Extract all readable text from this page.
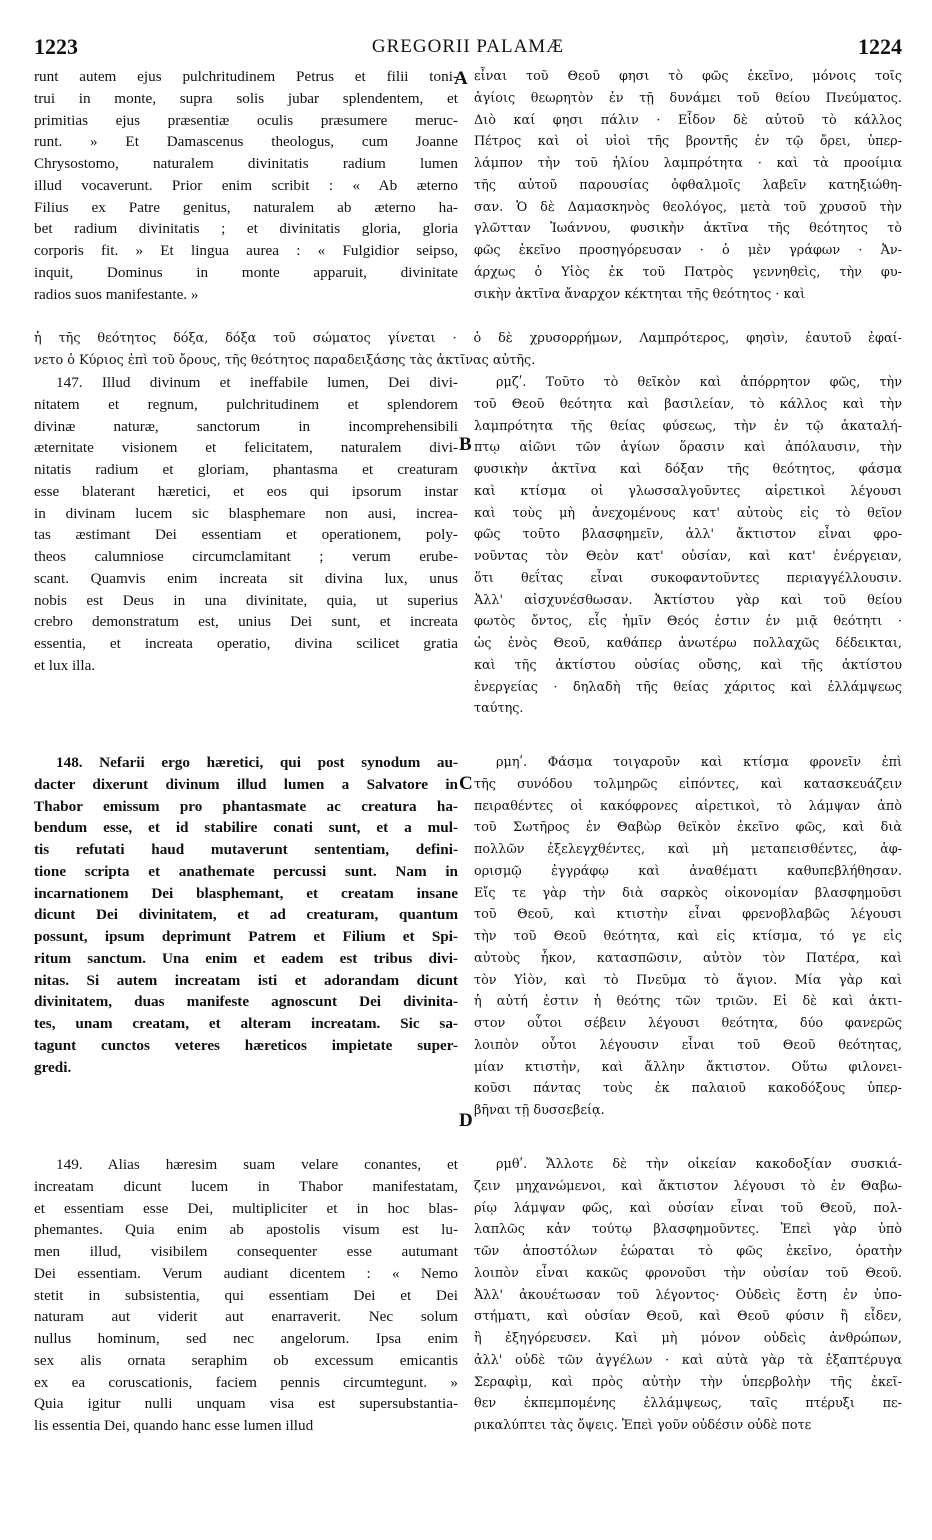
1223	GREGORII PALAMÆ	1224
A
B
C
D
runt autem ejus pulchritudinem Petrus et filii toni-
trui in monte, supra solis jubar splendentem, et
primitias ejus præsentiæ oculis præsumere meruc-
runt. » Et Damascenus theologus, cum Joanne
Chrysostomo, naturalem divinitatis radium lumen
illud vocaverunt. Prior enim scribit : « Ab æterno
Filius ex Patre genitus, naturalem ab æterno ha-
bet radium divinitatis ; et divinitatis gloria, gloria
corporis fit. » Et lingua aurea : « Fulgidior seipso,
inquit, Dominus in monte apparuit, divinitate
radios suos manifestante. »
εἶναι τοῦ Θεοῦ φησι τὸ φῶς ἐκεῖνο, μόνοις τοῖς
ἁγίοις θεωρητὸν ἐν τῇ δυνάμει τοῦ θείου Πνεύματος.
Διὸ καί φησι πάλιν · Εἶδον δὲ αὐτοῦ τὸ κάλλος
Πέτρος καὶ οἱ υἱοὶ τῆς βροντῆς ἐν τῷ ὄρει, ὑπερ-
λάμπον τὴν τοῦ ἡλίου λαμπρότητα · καὶ τὰ προοίμια
τῆς αὐτοῦ παρουσίας ὀφθαλμοῖς λαβεῖν κατηξιώθη-
σαν. Ὁ δὲ Δαμασκηνὸς θεολόγος, μετὰ τοῦ χρυσοῦ τὴν
γλῶτταν Ἰωάννου, φυσικὴν ἀκτῖνα τῆς θεότητος τὸ
φῶς ἐκεῖνο προσηγόρευσαν · ὁ μὲν γράφων · Ἀν-
άρχως ὁ Υἱὸς ἐκ τοῦ Πατρὸς γεννηθεὶς, τὴν φυ-
σικὴν ἀκτῖνα ἄναρχον κέκτηται τῆς θεότητος · καὶ
ἡ τῆς θεότητος δόξα, δόξα τοῦ σώματος γίνεται · ὁ δὲ χρυσορρήμων, Λαμπρότερος, φησὶν, ἑαυτοῦ ἐφαί-
νετο ὁ Κύριος ἐπὶ τοῦ ὄρους, τῆς θεότητος παραδειξάσης τὰς ἀκτῖνας αὐτῆς.
147. Illud divinum et ineffabile lumen, Dei divi-
nitatem et regnum, pulchritudinem et splendorem
divinæ naturæ, sanctorum in incomprehensibili
æternitate visionem et felicitatem, naturalem divi-
nitatis radium et gloriam, phantasma et creaturam
esse blaterant hæretici, et eos qui ipsorum instar
in divinam lucem sic blasphemare non ausi, increa-
tas æstimant Dei essentiam et operationem, poly-
theos calumniose circumclamitant ; verum erube-
scant. Quamvis enim increata sit divina lux, unus
nobis est Deus in una divinitate, quia, ut superius
crebro demonstratum est, unius Dei sunt, et increata
essentia, et increata operatio, divina scilicet gratia
et lux illa.
ρμζʹ. Τοῦτο τὸ θεῖκὸν καὶ ἀπόρρητον φῶς, τὴν
τοῦ Θεοῦ θεότητα καὶ βασιλείαν, τὸ κάλλος καὶ τὴν
λαμπρότητα τῆς θείας φύσεως, τὴν ἐν τῷ ἀκαταλή-
πτῳ αἰῶνι τῶν ἁγίων ὅρασιν καὶ ἀπόλαυσιν, τὴν
φυσικὴν ἀκτῖνα καὶ δόξαν τῆς θεότητος, φάσμα
καὶ κτίσμα οἱ γλωσσαλγοῦντες αἱρετικοὶ λέγουσι
καὶ τοὺς μὴ ἀνεχομένους κατ' αὐτοὺς εἰς τὸ θεῖον
φῶς τοῦτο βλασφημεῖν, ἀλλ' ἄκτιστον εἶναι φρο-
νοῦντας τὸν Θεὸν κατ' οὐσίαν, καὶ κατ' ἐνέργειαν,
ὅτι θεΐτας εἶναι συκοφαντοῦντες περιαγγέλλουσιν.
Ἀλλ' αἰσχυνέσθωσαν. Ἀκτίστου γὰρ καὶ τοῦ θείου
φωτὸς ὄντος, εἷς ἡμῖν Θεός ἐστιν ἐν μιᾷ θεότητι ·
ὡς ἑνὸς Θεοῦ, καθάπερ ἀνωτέρω πολλαχῶς δέδεικται,
καὶ τῆς ἀκτίστου οὐσίας οὔσης, καὶ τῆς ἀκτίστου
ἐνεργείας · δηλαδὴ τῆς θείας χάριτος καὶ ἐλλάμψεως
ταύτης.
148. Nefarii ergo hæretici, qui post synodum au-
dacter dixerunt divinum illud lumen a Salvatore in
Thabor emissum pro phantasmate ac creatura ha-
bendum esse, et id stabilire conati sunt, et a mul-
tis refutati haud mutaverunt sententiam, defini-
tione scripta et anathemate percussi sunt. Nam in
incarnationem Dei blasphemant, et creatam insane
dicunt Dei divinitatem, et ad creaturam, quantum
possunt, ipsum deprimunt Patrem et Filium et Spi-
ritum sanctum. Una enim et eadem est tribus divi-
nitas. Si autem increatam isti et adorandam dicunt
divinitatem, duas manifeste agnoscunt Dei divinita-
tes, unam creatam, et alteram increatam. Sic sa-
tagunt cunctos veteres hæreticos impietate super-
gredi.
ρμηʹ. Φάσμα τοιγαροῦν καὶ κτίσμα φρονεῖν ἐπὶ
τῆς συνόδου τολμηρῶς εἰπόντες, καὶ κατασκευάζειν
πειραθέντες οἱ κακόφρονες αἱρετικοὶ, τὸ λάμψαν ἀπὸ
τοῦ Σωτῆρος ἐν Θαβὼρ θεϊκὸν ἐκεῖνο φῶς, καὶ διὰ
πολλῶν ἐξελεγχθέντες, καὶ μὴ μεταπεισθέντες, ἀφ-
ορισμῷ ἐγγράφῳ καὶ ἀναθέματι καθυπεβλήθησαν.
Εἴς τε γὰρ τὴν διὰ σαρκὸς οἰκονομίαν βλασφημοῦσι
τοῦ Θεοῦ, καὶ κτιστὴν εἶναι φρενοβλαβῶς λέγουσι
τὴν τοῦ Θεοῦ θεότητα, καὶ εἰς κτίσμα, τό γε εἰς
αὐτοὺς ἧκον, κατασπῶσιν, αὐτὸν τὸν Πατέρα, καὶ
τὸν Υἱὸν, καὶ τὸ Πνεῦμα τὸ ἅγιον. Μία γὰρ καὶ
ἡ αὐτή ἐστιν ἡ θεότης τῶν τριῶν. Εἰ δὲ καὶ ἀκτι-
στον οὗτοι σέβειν λέγουσι θεότητα, δύο φανερῶς
λοιπὸν οὗτοι λέγουσιν εἶναι τοῦ Θεοῦ θεότητας,
μίαν κτιστὴν, καὶ ἄλλην ἄκτιστον. Οὕτω φιλονει-
κοῦσι πάντας τοὺς ἐκ παλαιοῦ κακοδόξους ὑπερ-
βῆναι τῇ δυσσεβείᾳ.
149. Alias hæresim suam velare conantes, et
increatam dicunt lucem in Thabor manifestatam,
et essentiam esse Dei, multipliciter et in hoc blas-
phemantes. Quia enim ab apostolis visum est lu-
men illud, visibilem consequenter esse autumant
Dei essentiam. Verum audiant dicentem : « Nemo
stetit in subsistentia, qui essentiam Dei et Dei
naturam aut viderit aut enarraverit. Nec solum
nullus hominum, sed nec angelorum. Ipsa enim
sex alis ornata seraphim ob excessum emicantis
ex ea coruscationis, faciem pennis circumtegunt. »
Quia igitur nulli unquam visa est supersubstantia-
lis essentia Dei, quando hanc esse lumen illud
ρμθʹ. Ἄλλοτε δὲ τὴν οἰκείαν κακοδοξίαν συσκιά-
ζειν μηχανώμενοι, καὶ ἄκτιστον λέγουσι τὸ ἐν Θαβω-
ρίῳ λάμψαν φῶς, καὶ οὐσίαν εἶναι τοῦ Θεοῦ, πολ-
λαπλῶς κἀν τούτῳ βλασφημοῦντες. Ἐπεὶ γὰρ ὑπὸ
τῶν ἀποστόλων ἑώραται τὸ φῶς ἐκεῖνο, ὁρατὴν
λοιπὸν εἶναι κακῶς φρονοῦσι τὴν οὐσίαν τοῦ Θεοῦ.
Ἀλλ' ἀκουέτωσαν τοῦ λέγοντος· Οὐδεὶς ἔστη ἐν ὑπο-
στήματι, καὶ οὐσίαν Θεοῦ, καὶ Θεοῦ φύσιν ἢ εἶδεν,
ἢ ἐξηγόρευσεν. Καὶ μὴ μόνον οὐδεὶς ἀνθρώπων,
ἀλλ' οὐδὲ τῶν ἀγγέλων · καὶ αὐτὰ γὰρ τὰ ἑξαπτέρυγα
Σεραφὶμ, καὶ πρὸς αὐτὴν τὴν ὑπερβολὴν τῆς ἐκεῖ-
θεν ἐκπεμπομένης ἐλλάμψεως, ταῖς πτέρυξι πε-
ρικαλύπτει τὰς ὄψεις. Ἐπεὶ γοῦν οὐδέσιν οὐδὲ ποτε
